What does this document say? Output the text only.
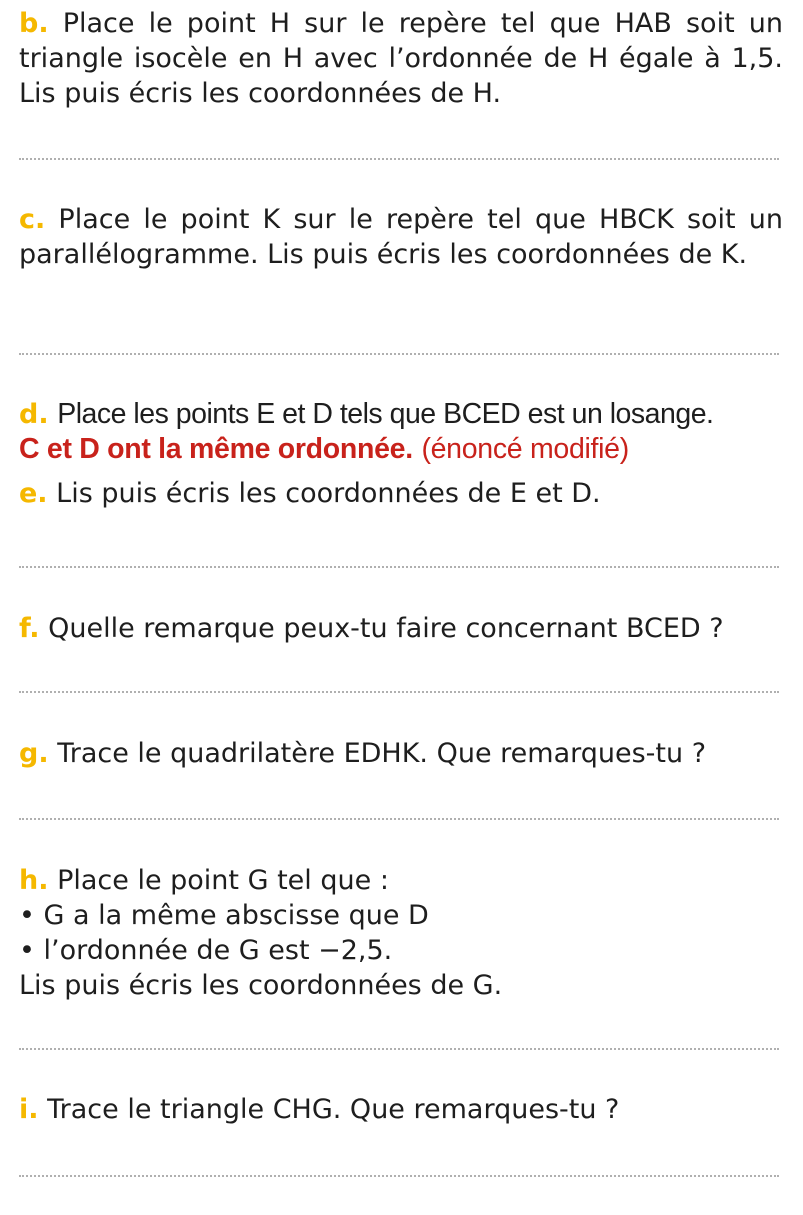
b. Place le point H sur le repère tel que HAB soit un triangle isocèle en H avec l’ordonnée de H égale à 1,5. Lis puis écris les coordonnées de H.
c. Place le point K sur le repère tel que HBCK soit un parallélogramme. Lis puis écris les coordonnées de K.
d. Place les points E et D tels que BCED est un losange.
C et D ont la même ordonnée. (énoncé modifié)
e. Lis puis écris les coordonnées de E et D.
f. Quelle remarque peux-tu faire concernant BCED ?
g. Trace le quadrilatère EDHK. Que remarques-tu ?
h. Place le point G tel que :
• G a la même abscisse que D
• l’ordonnée de G est −2,5.
Lis puis écris les coordonnées de G.
i. Trace le triangle CHG. Que remarques-tu ?
